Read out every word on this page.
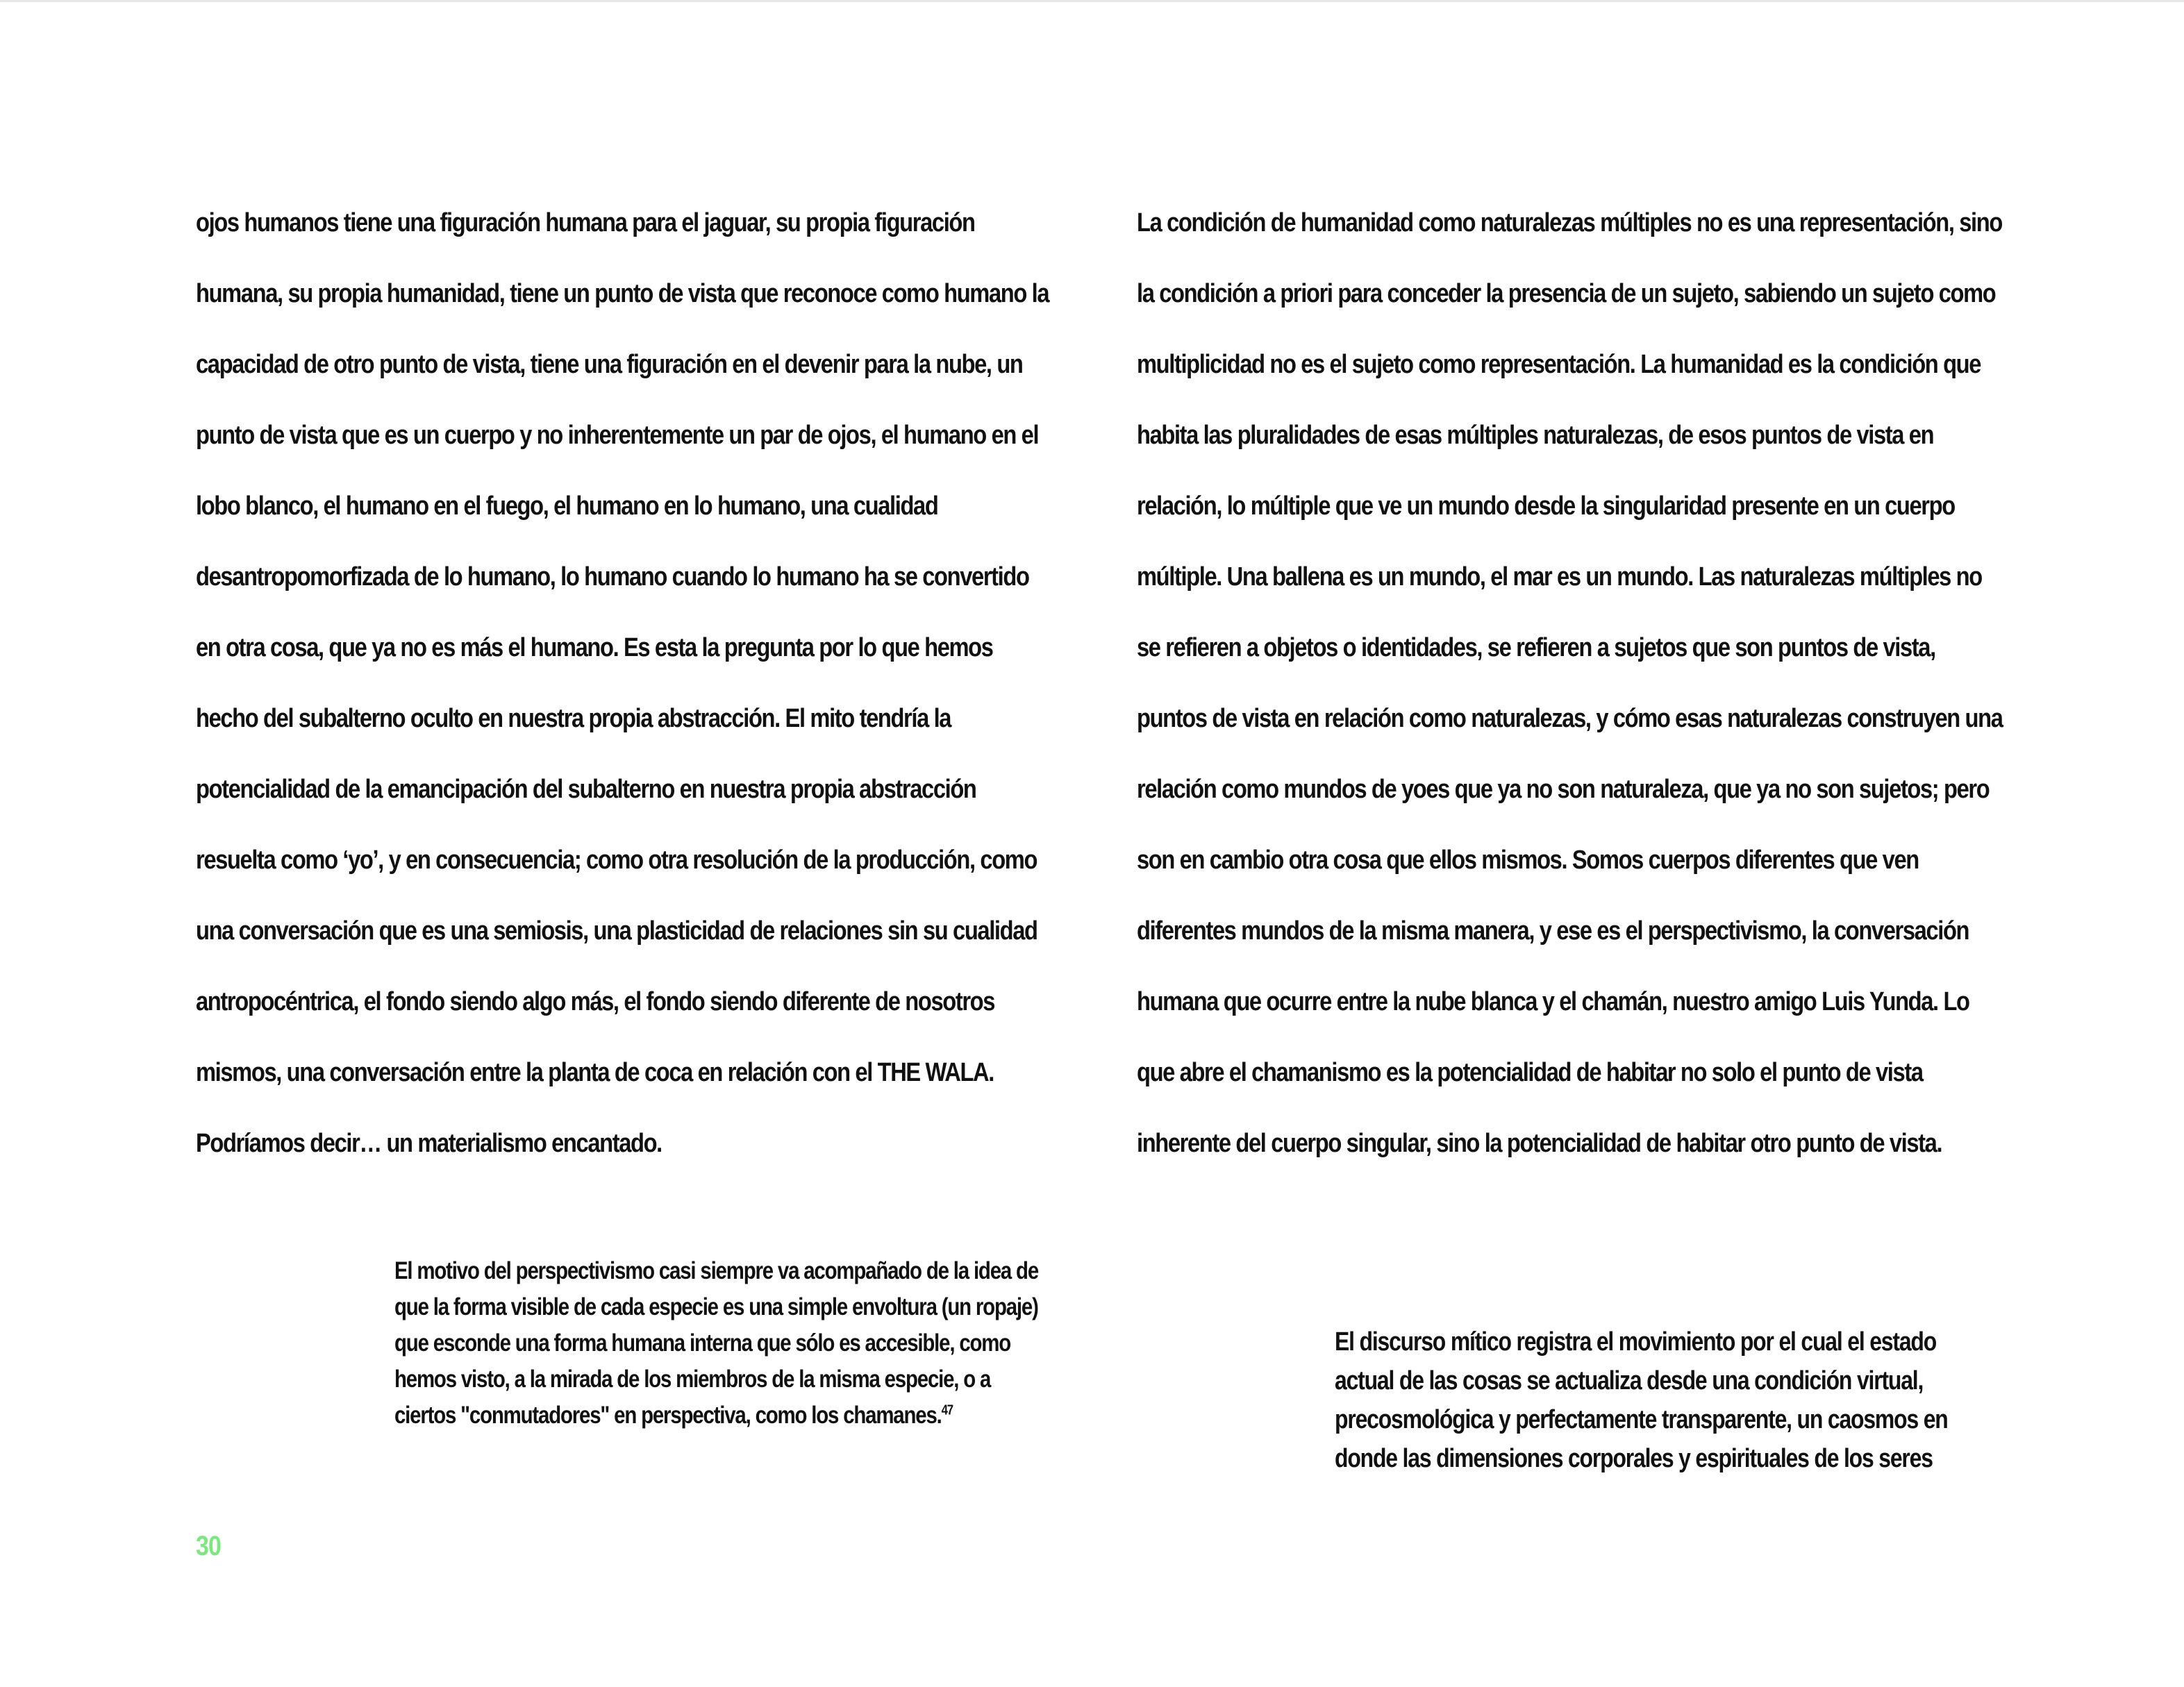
ojos humanos tiene una figuración humana para el jaguar, su propia figuración humana, su propia humanidad, tiene un punto de vista que reconoce como humano la capacidad de otro punto de vista, tiene una figuración en el devenir para la nube, un punto de vista que es un cuerpo y no inherentemente un par de ojos, el humano en el lobo blanco, el humano en el fuego, el humano en lo humano, una cualidad desantropomorfizada de lo humano, lo humano cuando lo humano ha se convertido en otra cosa, que ya no es más el humano. Es esta la pregunta por lo que hemos hecho del subalterno oculto en nuestra propia abstracción. El mito tendría la potencialidad de la emancipación del subalterno en nuestra propia abstracción resuelta como ‘yo’, y en consecuencia; como otra resolución de la producción, como una conversación que es una semiosis, una plasticidad de relaciones sin su cualidad antropocéntrica, el fondo siendo algo más, el fondo siendo diferente de nosotros mismos, una conversación entre la planta de coca en relación con el THE WALA. Podríamos decir… un materialismo encantado.

El motivo del perspectivismo casi siempre va acompañado de la idea de que la forma visible de cada especie es una simple envoltura (un ropaje) que esconde una forma humana interna que sólo es accesible, como hemos visto, a la mirada de los miembros de la misma especie, o a ciertos "conmutadores" en perspectiva, como los chamanes.$^{47}$

La condición de humanidad como naturalezas múltiples no es una representación, sino la condición a priori para conceder la presencia de un sujeto, sabiendo un sujeto como multiplicidad no es el sujeto como representación. La humanidad es la condición que habita las pluralidades de esas múltiples naturalezas, de esos puntos de vista en relación, lo múltiple que ve un mundo desde la singularidad presente en un cuerpo múltiple. Una ballena es un mundo, el mar es un mundo. Las naturalezas múltiples no se refieren a objetos o identidades, se refieren a sujetos que son puntos de vista, puntos de vista en relación como naturalezas, y cómo esas naturalezas construyen una relación como mundos de yoes que ya no son naturaleza, que ya no son sujetos; pero son en cambio otra cosa que ellos mismos. Somos cuerpos diferentes que ven diferentes mundos de la misma manera, y ese es el perspectivismo, la conversación humana que ocurre entre la nube blanca y el chamán, nuestro amigo Luis Yunda. Lo que abre el chamanismo es la potencialidad de habitar no solo el punto de vista inherente del cuerpo singular, sino la potencialidad de habitar otro punto de vista.

El discurso mítico registra el movimiento por el cual el estado actual de las cosas se actualiza desde una condición virtual, precosmológica y perfectamente transparente, un caosmos en donde las dimensiones corporales y espirituales de los seres

30
